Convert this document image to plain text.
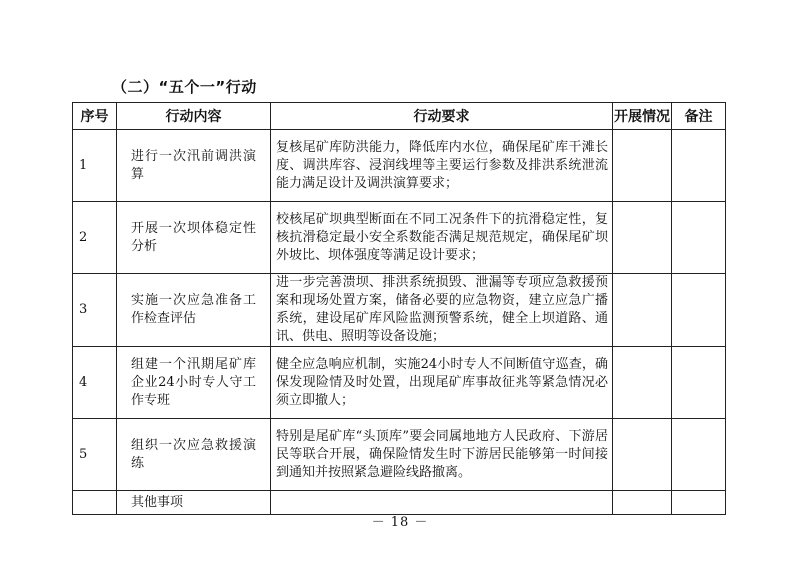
（二）“五个一”行动
序号	行动内容	行动要求	开展情况	备注
1	进行一次汛前调洪演算	复核尾矿库防洪能力，降低库内水位，确保尾矿库干滩长度、调洪库容、浸润线埋等主要运行参数及排洪系统泄流能力满足设计及调洪演算要求；		
2	开展一次坝体稳定性分析	校核尾矿坝典型断面在不同工况条件下的抗滑稳定性，复核抗滑稳定最小安全系数能否满足规范规定，确保尾矿坝外坡比、坝体强度等满足设计要求；		
3	实施一次应急准备工作检查评估	进一步完善溃坝、排洪系统损毁、泄漏等专项应急救援预案和现场处置方案，储备必要的应急物资，建立应急广播系统，建设尾矿库风险监测预警系统，健全上坝道路、通讯、供电、照明等设备设施；		
4	组建一个汛期尾矿库企业24小时专人守工作专班	健全应急响应机制，实施24小时专人不间断值守巡查，确保发现险情及时处置，出现尾矿库事故征兆等紧急情况必须立即撤人；		
5	组织一次应急救援演练	特别是尾矿库“头顶库”要会同属地地方人民政府、下游居民等联合开展，确保险情发生时下游居民能够第一时间接到通知并按照紧急避险线路撤离。		
	其他事项			
－ 18 －
